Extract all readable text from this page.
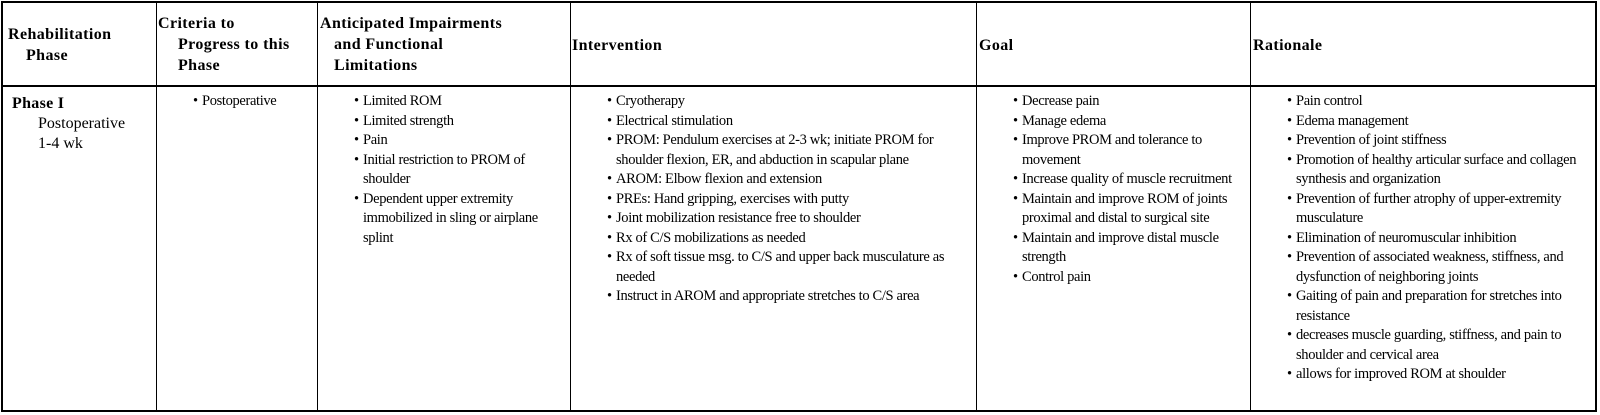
Rehabilitation
Phase
Criteria to
Progress to this
Phase
Anticipated Impairments
and Functional
Limitations
Intervention	Goal	Rationale
Phase I
Postoperative
1-4 wk
• Postoperative
•	Limited ROM
• Limited strength
• Pain
• Initial restriction to PROM of shoulder
• Dependent upper extremity immobilized in sling or airplane splint
• Cryotherapy
• Electrical stimulation
• PROM: Pendulum exercises at 2-3 wk; initiate PROM for shoulder flexion, ER, and abduction in scapular plane
• AROM: Elbow flexion and extension
• PREs: Hand gripping, exercises with putty
• Joint mobilization resistance free to shoulder
• Rx of C/S mobilizations as needed
• Rx of soft tissue msg. to C/S and upper back musculature as needed
• Instruct in AROM and appropriate stretches to C/S area
• Decrease pain
• Manage edema
• Improve PROM and tolerance to movement
• Increase quality of muscle recruitment
• Maintain and improve ROM of joints proximal and distal to surgical site
• Maintain and improve distal muscle strength
• Control pain
• Pain control
• Edema management
• Prevention of joint stiffness
• Promotion of healthy articular surface and collagen synthesis and organization
• Prevention of further atrophy of upper-extremity musculature
• Elimination of neuromuscular inhibition
• Prevention of associated weakness, stiffness, and dysfunction of neighboring joints
• Gaiting of pain and preparation for stretches into resistance
• decreases muscle guarding, stiffness, and pain to shoulder and cervical area
• allows for improved ROM at shoulder
